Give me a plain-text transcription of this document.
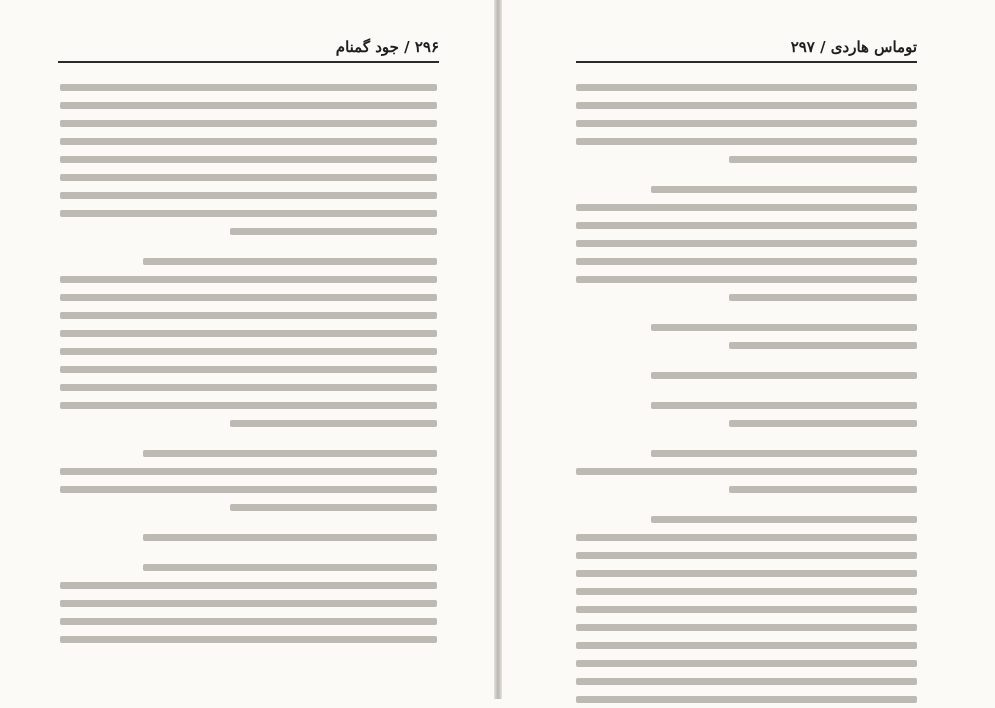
۲۹۶ / جود گمنام	توماس هاردی / ۲۹۷
